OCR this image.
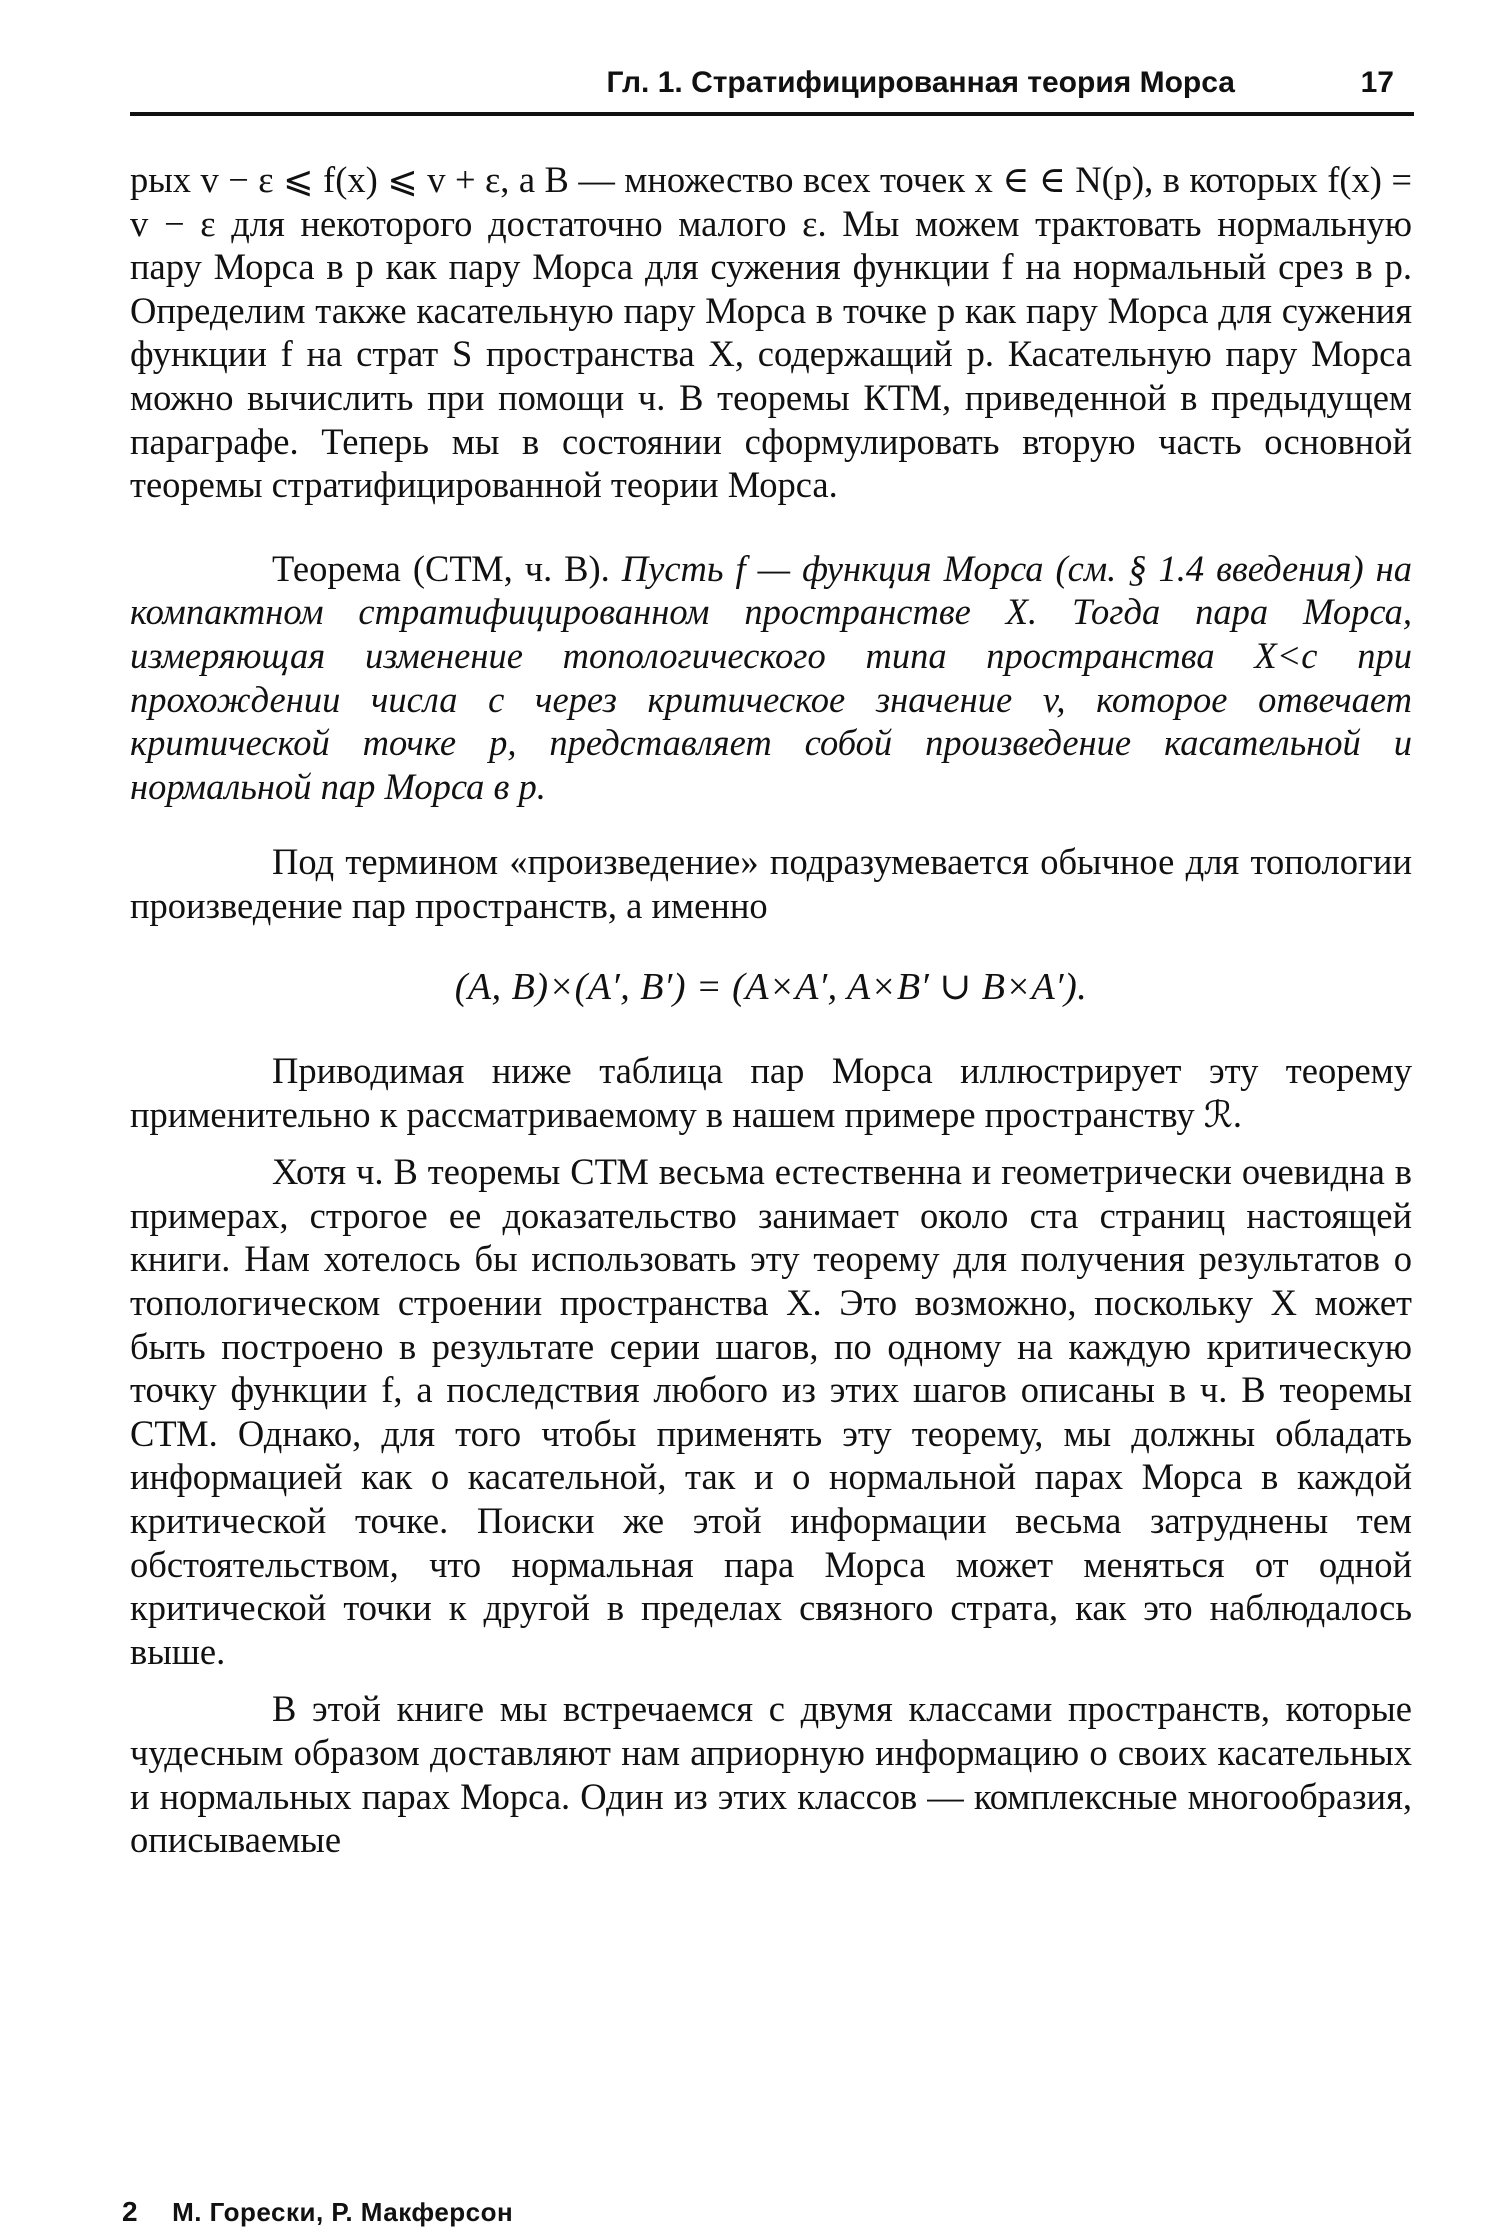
Гл. 1. Стратифицированная теория Морса	17

рых v − ε ⩽ f(x) ⩽ v + ε, а B — множество всех точек x ∈ ∈ N(p), в которых f(x) = v − ε для некоторого достаточно малого ε. Мы можем трактовать нормальную пару Морса в p как пару Морса для сужения функции f на нормальный срез в p. Определим также касательную пару Морса в точке p как пару Морса для сужения функции f на страт S пространства X, содержащий p. Касательную пару Морса можно вычислить при помощи ч. B теоремы КТМ, приведенной в предыдущем параграфе. Теперь мы в состоянии сформулировать вторую часть основной теоремы стратифицированной теории Морса.

Теорема (СТМ, ч. B). Пусть f — функция Морса (см. § 1.4 введения) на компактном стратифицированном пространстве X. Тогда пара Морса, измеряющая изменение топологического типа пространства X<c при прохождении числа c через критическое значение v, которое отвечает критической точке p, представляет собой произведение касательной и нормальной пар Морса в p.

Под термином «произведение» подразумевается обычное для топологии произведение пар пространств, а именно

(A, B)×(A′, B′) = (A×A′, A×B′ ∪ B×A′).

Приводимая ниже таблица пар Морса иллюстрирует эту теорему применительно к рассматриваемому в нашем примере пространству ℛ.

Хотя ч. B теоремы СТМ весьма естественна и геометрически очевидна в примерах, строгое ее доказательство занимает около ста страниц настоящей книги. Нам хотелось бы использовать эту теорему для получения результатов о топологическом строении пространства X. Это возможно, поскольку X может быть построено в результате серии шагов, по одному на каждую критическую точку функции f, а последствия любого из этих шагов описаны в ч. B теоремы СТМ. Однако, для того чтобы применять эту теорему, мы должны обладать информацией как о касательной, так и о нормальной парах Морса в каждой критической точке. Поиски же этой информации весьма затруднены тем обстоятельством, что нормальная пара Морса может меняться от одной критической точки к другой в пределах связного страта, как это наблюдалось выше.

В этой книге мы встречаемся с двумя классами пространств, которые чудесным образом доставляют нам априорную информацию о своих касательных и нормальных парах Морса. Один из этих классов — комплексные многообразия, описываемые

2 М. Горески, Р. Макферсон
